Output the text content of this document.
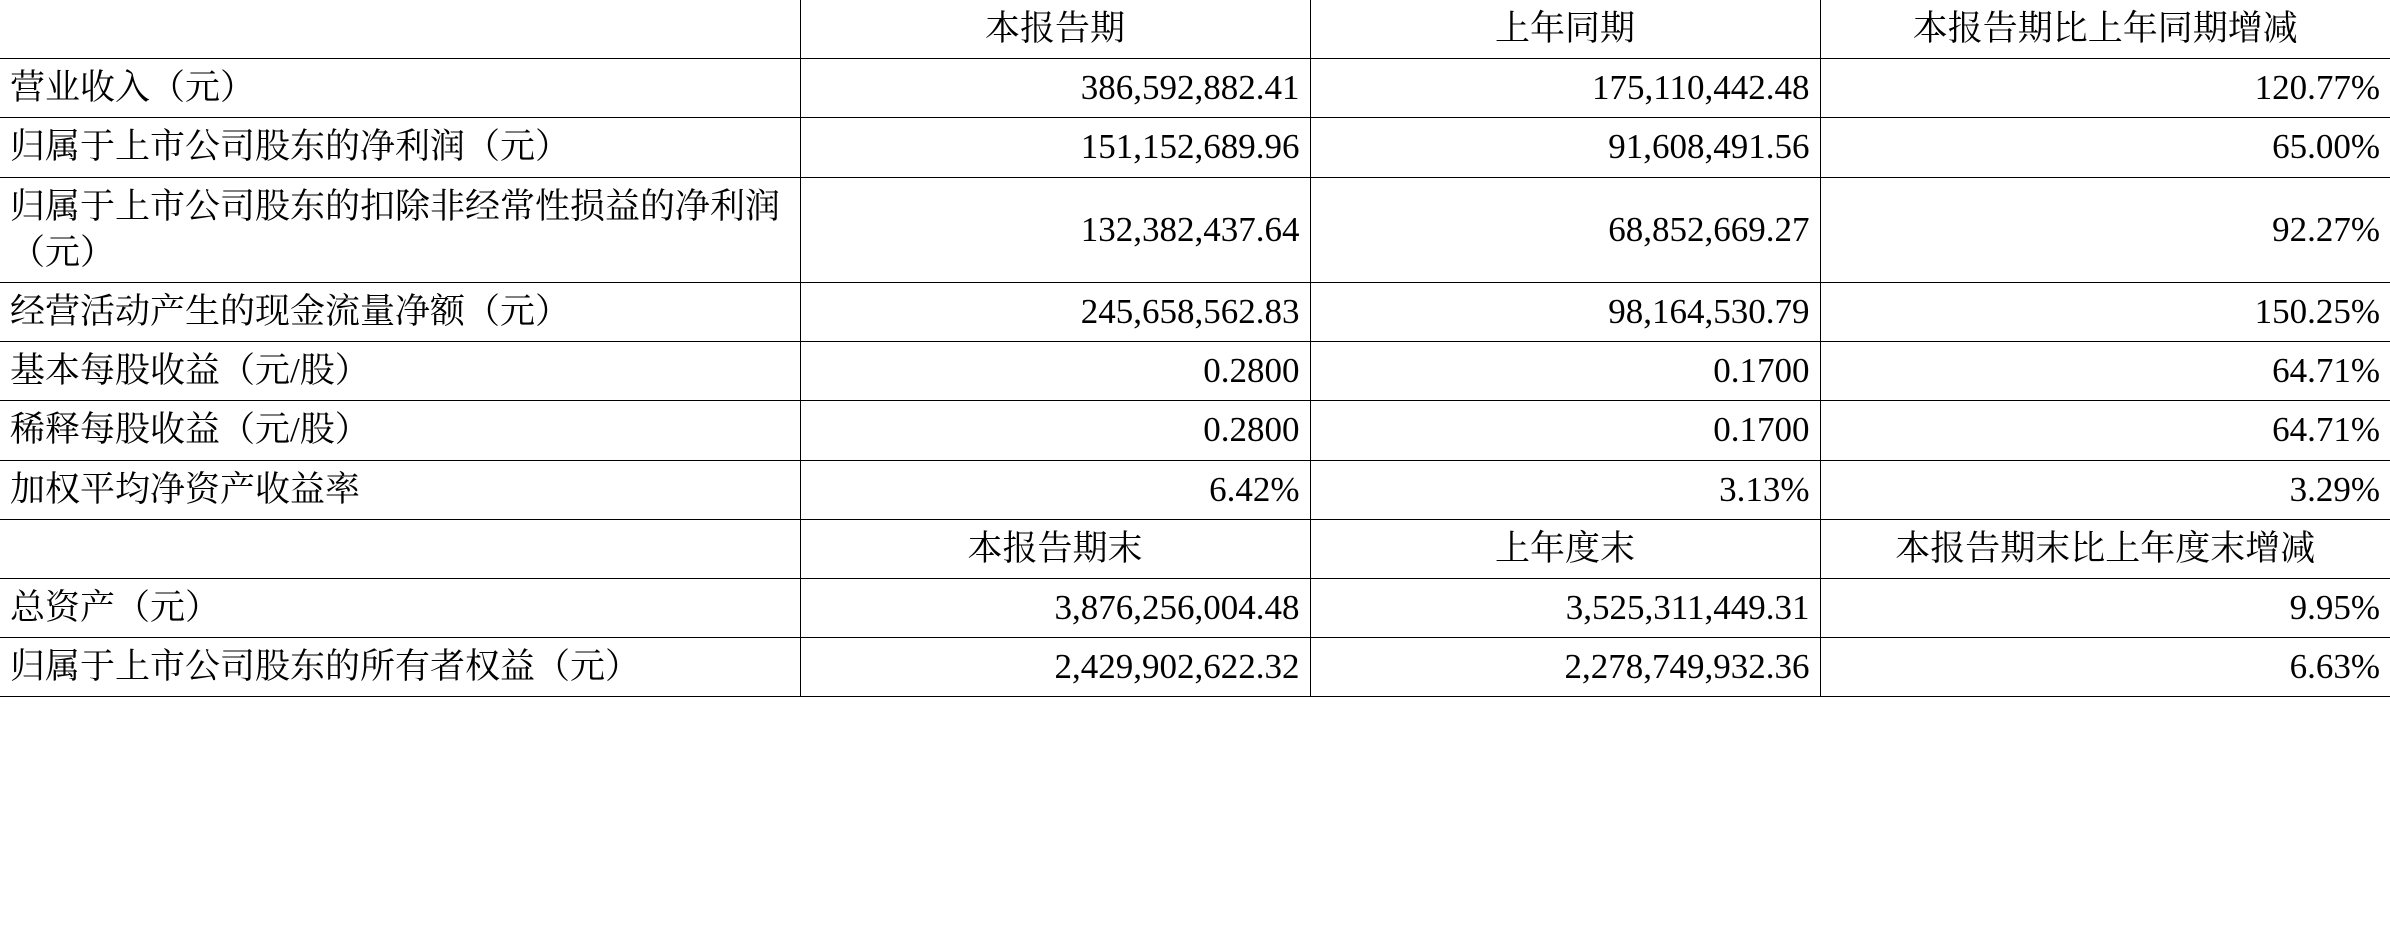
	本报告期	上年同期	本报告期比上年同期增减
营业收入（元）	386,592,882.41	175,110,442.48	120.77%
归属于上市公司股东的净利润（元）	151,152,689.96	91,608,491.56	65.00%
归属于上市公司股东的扣除非经常性损益的净利润（元）	132,382,437.64	68,852,669.27	92.27%
经营活动产生的现金流量净额（元）	245,658,562.83	98,164,530.79	150.25%
基本每股收益（元/股）	0.2800	0.1700	64.71%
稀释每股收益（元/股）	0.2800	0.1700	64.71%
加权平均净资产收益率	6.42%	3.13%	3.29%
	本报告期末	上年度末	本报告期末比上年度末增减
总资产（元）	3,876,256,004.48	3,525,311,449.31	9.95%
归属于上市公司股东的所有者权益（元）	2,429,902,622.32	2,278,749,932.36	6.63%
